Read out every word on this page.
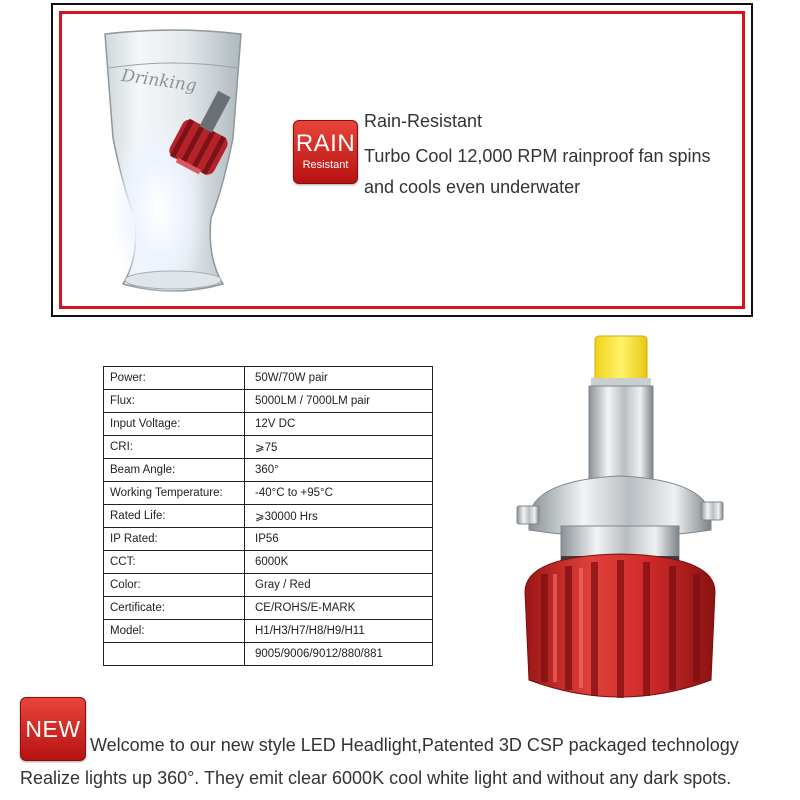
RAIN
Resistant
Rain-Resistant
Turbo Cool 12,000 RPM rainproof fan spins
and cools even underwater
Power:	50W/70W pair
Flux:	5000LM / 7000LM pair
Input Voltage:	12V DC
CRI:	⩾75
Beam Angle:	360°
Working Temperature:	-40°C to +95°C
Rated Life:	⩾30000 Hrs
IP Rated:	IP56
CCT:	6000K
Color:	Gray / Red
Certificate:	CE/ROHS/E-MARK
Model:	H1/H3/H7/H8/H9/H11
	9005/9006/9012/880/881
NEW
Welcome to our new style LED Headlight,Patented 3D CSP packaged technology
Realize lights up 360°. They emit clear 6000K cool white light and without any dark spots.
